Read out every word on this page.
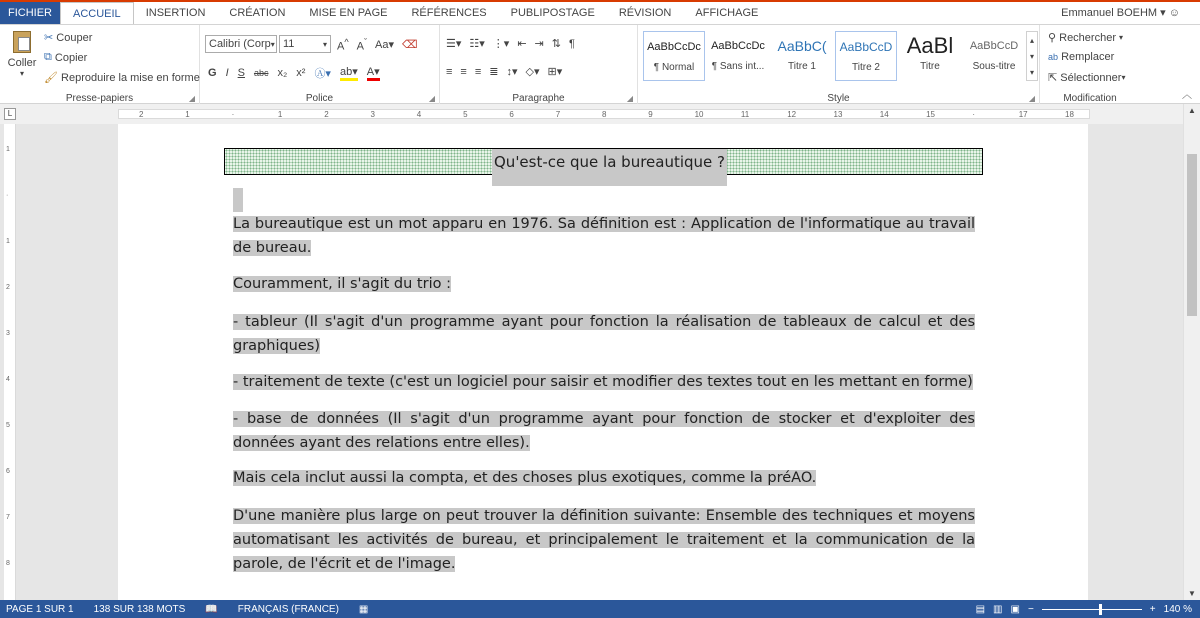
FICHIER	ACCUEIL	INSERTION	CRÉATION	MISE EN PAGE	RÉFÉRENCES	PUBLIPOSTAGE	RÉVISION	AFFICHAGE	Emmanuel BOEHM ▾ ☺
Coller
▾
✂
Couper
⧉
Copier
🖌
Reproduire la mise en forme
Presse-papiers	◢
Calibri (Corp ▾ 11	▾ A^ $A^ˇ$ Aa▾ ⌫
G I S abc x₂ x² Ⓐ▾ ab▾ A▾
Police	◢
☰▾ ☷▾ ⋮▾ ⇤ ⇥ ⇅ ¶
≡ ≡ ≡ ≣ ↕▾ ◇▾ ⊞▾
Paragraphe	◢
AaBbCcDc
¶ Normal
AaBbCcDc
¶ Sans int...
AaBbC(
Titre 1
AaBbCcD
Titre 2
AaBl
Titre
AaBbCcD
Sous-titre
▴
▾
▾
Style	◢
⚲
Rechercher
▾
ab
Remplacer
⇱
Sélectionner ▾
Modification	︿
L	2	1	·	1	2	3	4	5	6	7	8	9	10	11	12	13	14	15	·	17	18
1
·
1
2
3
4
5
6
7
8
Qu'est-ce que la bureautique ?
La bureautique est un mot apparu en 1976. Sa définition est : Application de l'informatique au travail de bureau.
Couramment, il s'agit du trio :
- tableur (Il s'agit d'un programme ayant pour fonction la réalisation de tableaux de calcul et des graphiques)
- traitement de texte (c'est un logiciel pour saisir et modifier des textes tout en les mettant en forme)
- base de données (Il s'agit d'un programme ayant pour fonction de stocker et d'exploiter des données ayant des relations entre elles).
Mais cela inclut aussi la compta, et des choses plus exotiques, comme la préAO.
D'une manière plus large on peut trouver la définition suivante: Ensemble des techniques et moyens automatisant les activités de bureau, et principalement le traitement et la communication de la parole, de l'écrit et de l'image.
▲
▼
PAGE 1 SUR 1 138 SUR 138 MOTS 📖 FRANÇAIS (FRANCE) ▦	▤ ▥ ▣ −	+ 140 %
